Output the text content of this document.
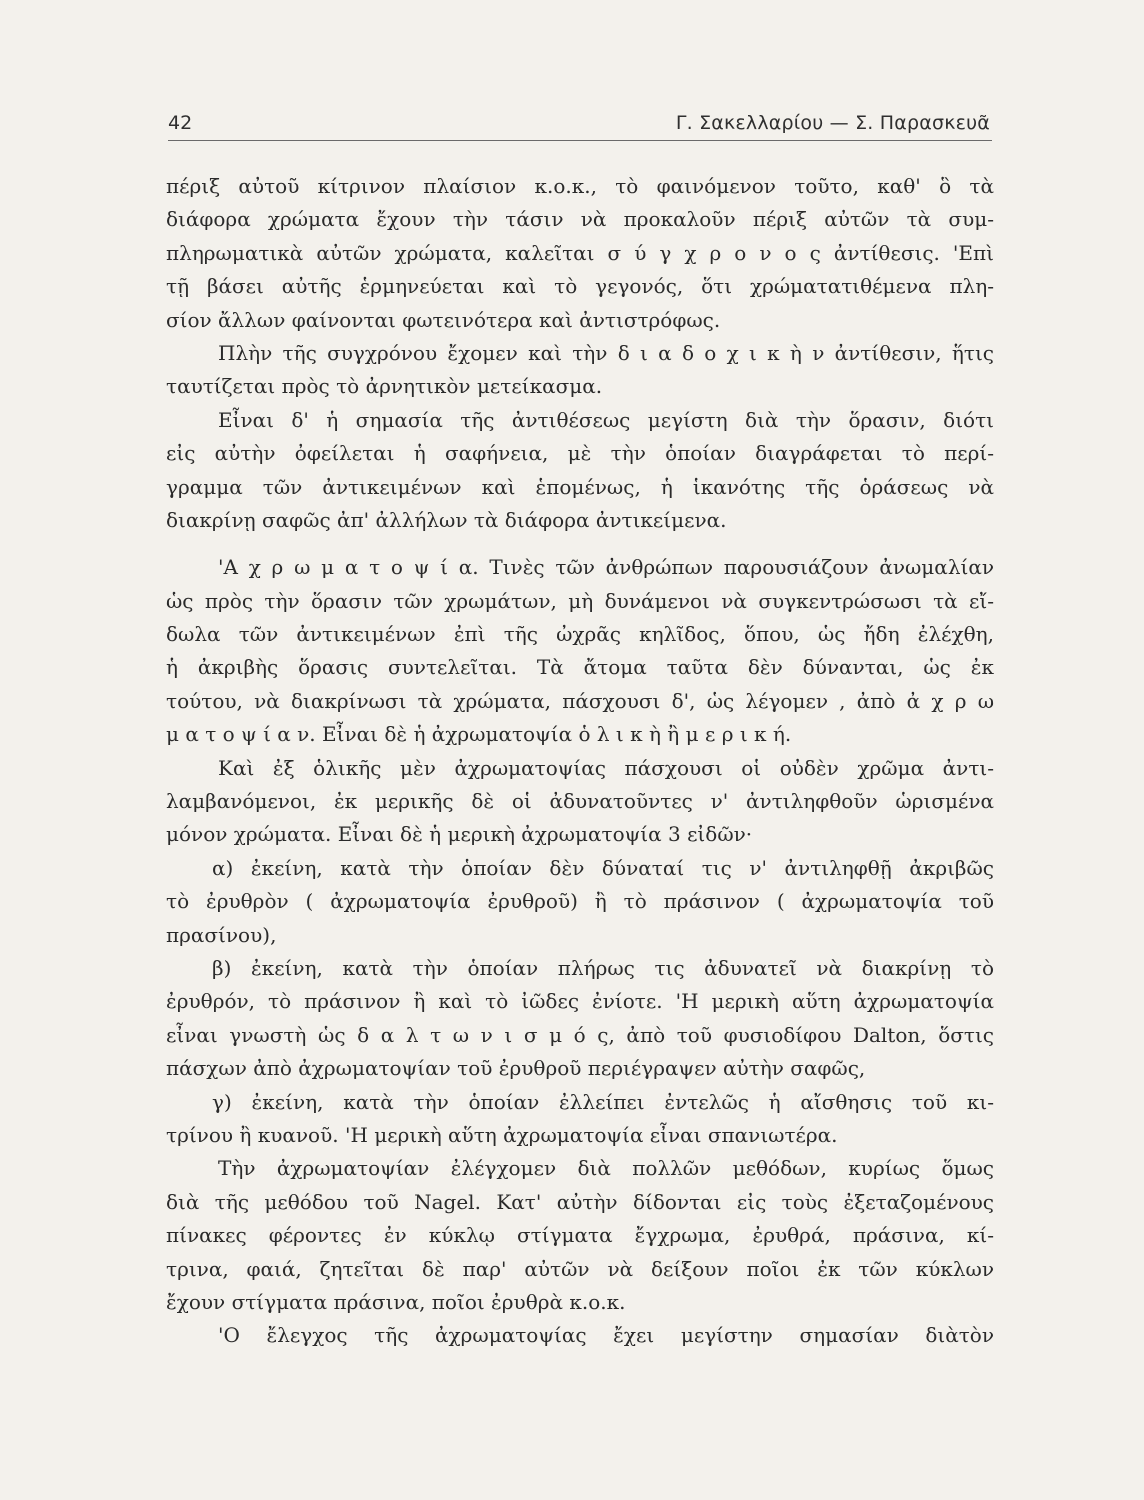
42	Γ. Σακελλαρίου — Σ. Παρασκευᾶ
πέριξ αὐτοῦ κίτρινον πλαίσιον κ.ο.κ., τὸ φαινόμενον τοῦτο, καθ' ὃ τὰ
διάφορα χρώματα ἔχουν τὴν τάσιν νὰ προκαλοῦν πέριξ αὐτῶν τὰ συμ-
πληρωματικὰ αὐτῶν χρώματα, καλεῖται σ ύ γ χ ρ ο ν ο ς ἀντίθεσις. 'Επὶ
τῇ βάσει αὐτῆς ἑρμηνεύεται καὶ τὸ γεγονός, ὅτι χρώματατιθέμενα πλη-
σίον ἄλλων φαίνονται φωτεινότερα καὶ ἀντιστρόφως.
Πλὴν τῆς συγχρόνου ἔχομεν καὶ τὴν δ ι α δ ο χ ι κ ὴ ν ἀντίθεσιν, ἥτις
ταυτίζεται πρὸς τὸ ἀρνητικὸν μετείκασμα.
Εἶναι δ' ἡ σημασία τῆς ἀντιθέσεως μεγίστη διὰ τὴν ὅρασιν, διότι
εἰς αὐτὴν ὀφείλεται ἡ σαφήνεια, μὲ τὴν ὁποίαν διαγράφεται τὸ περί-
γραμμα τῶν ἀντικειμένων καὶ ἑπομένως, ἡ ἱκανότης τῆς ὁράσεως νὰ
διακρίνῃ σαφῶς ἀπ' ἀλλήλων τὰ διάφορα ἀντικείμενα.
'Α χ ρ ω μ α τ ο ψ ί α. Τινὲς τῶν ἀνθρώπων παρουσιάζουν ἀνωμαλίαν
ὡς πρὸς τὴν ὅρασιν τῶν χρωμάτων, μὴ δυνάμενοι νὰ συγκεντρώσωσι τὰ εἴ-
δωλα τῶν ἀντικειμένων ἐπὶ τῆς ὠχρᾶς κηλῖδος, ὅπου, ὡς ἤδη ἐλέχθη,
ἡ ἀκριβὴς ὅρασις συντελεῖται. Τὰ ἄτομα ταῦτα δὲν δύνανται, ὡς ἐκ
τούτου, νὰ διακρίνωσι τὰ χρώματα, πάσχουσι δ', ὡς λέγομεν , ἀπὸ ἀ χ ρ ω
μ α τ ο ψ ί α ν. Εἶναι δὲ ἡ ἀχρωματοψία ὁ λ ι κ ὴ ἢ μ ε ρ ι κ ή.
Καὶ ἐξ ὁλικῆς μὲν ἀχρωματοψίας πάσχουσι οἱ οὐδὲν χρῶμα ἀντι-
λαμβανόμενοι, ἐκ μερικῆς δὲ οἱ ἀδυνατοῦντες ν' ἀντιληφθοῦν ὡρισμένα
μόνον χρώματα. Εἶναι δὲ ἡ μερικὴ ἀχρωματοψία 3 εἰδῶν·
α) ἐκείνη, κατὰ τὴν ὁποίαν δὲν δύναταί τις ν' ἀντιληφθῇ ἀκριβῶς
τὸ ἐρυθρὸν ( ἀχρωματοψία ἐρυθροῦ) ἢ τὸ πράσινον ( ἀχρωματοψία τοῦ
πρασίνου),
β) ἐκείνη, κατὰ τὴν ὁποίαν πλήρως τις ἀδυνατεῖ νὰ διακρίνῃ τὸ
ἐρυθρόν, τὸ πράσινον ἢ καὶ τὸ ἰῶδες ἐνίοτε. 'Η μερικὴ αὕτη ἀχρωματοψία
εἶναι γνωστὴ ὡς δ α λ τ ω ν ι σ μ ό ς, ἀπὸ τοῦ φυσιοδίφου Dalton, ὅστις
πάσχων ἀπὸ ἀχρωματοψίαν τοῦ ἐρυθροῦ περιέγραψεν αὐτὴν σαφῶς,
γ) ἐκείνη, κατὰ τὴν ὁποίαν ἐλλείπει ἐντελῶς ἡ αἴσθησις τοῦ κι-
τρίνου ἢ κυανοῦ. 'Η μερικὴ αὕτη ἀχρωματοψία εἶναι σπανιωτέρα.
Τὴν ἀχρωματοψίαν ἐλέγχομεν διὰ πολλῶν μεθόδων, κυρίως ὅμως
διὰ τῆς μεθόδου τοῦ Nagel. Κατ' αὐτὴν δίδονται εἰς τοὺς ἐξεταζομένους
πίνακες φέροντες ἐν κύκλῳ στίγματα ἔγχρωμα, ἐρυθρά, πράσινα, κί-
τρινα, φαιά, ζητεῖται δὲ παρ' αὐτῶν νὰ δείξουν ποῖοι ἐκ τῶν κύκλων
ἔχουν στίγματα πράσινα, ποῖοι ἐρυθρὰ κ.ο.κ.
'Ο ἔλεγχος τῆς ἀχρωματοψίας ἔχει μεγίστην σημασίαν διὰτὸν
